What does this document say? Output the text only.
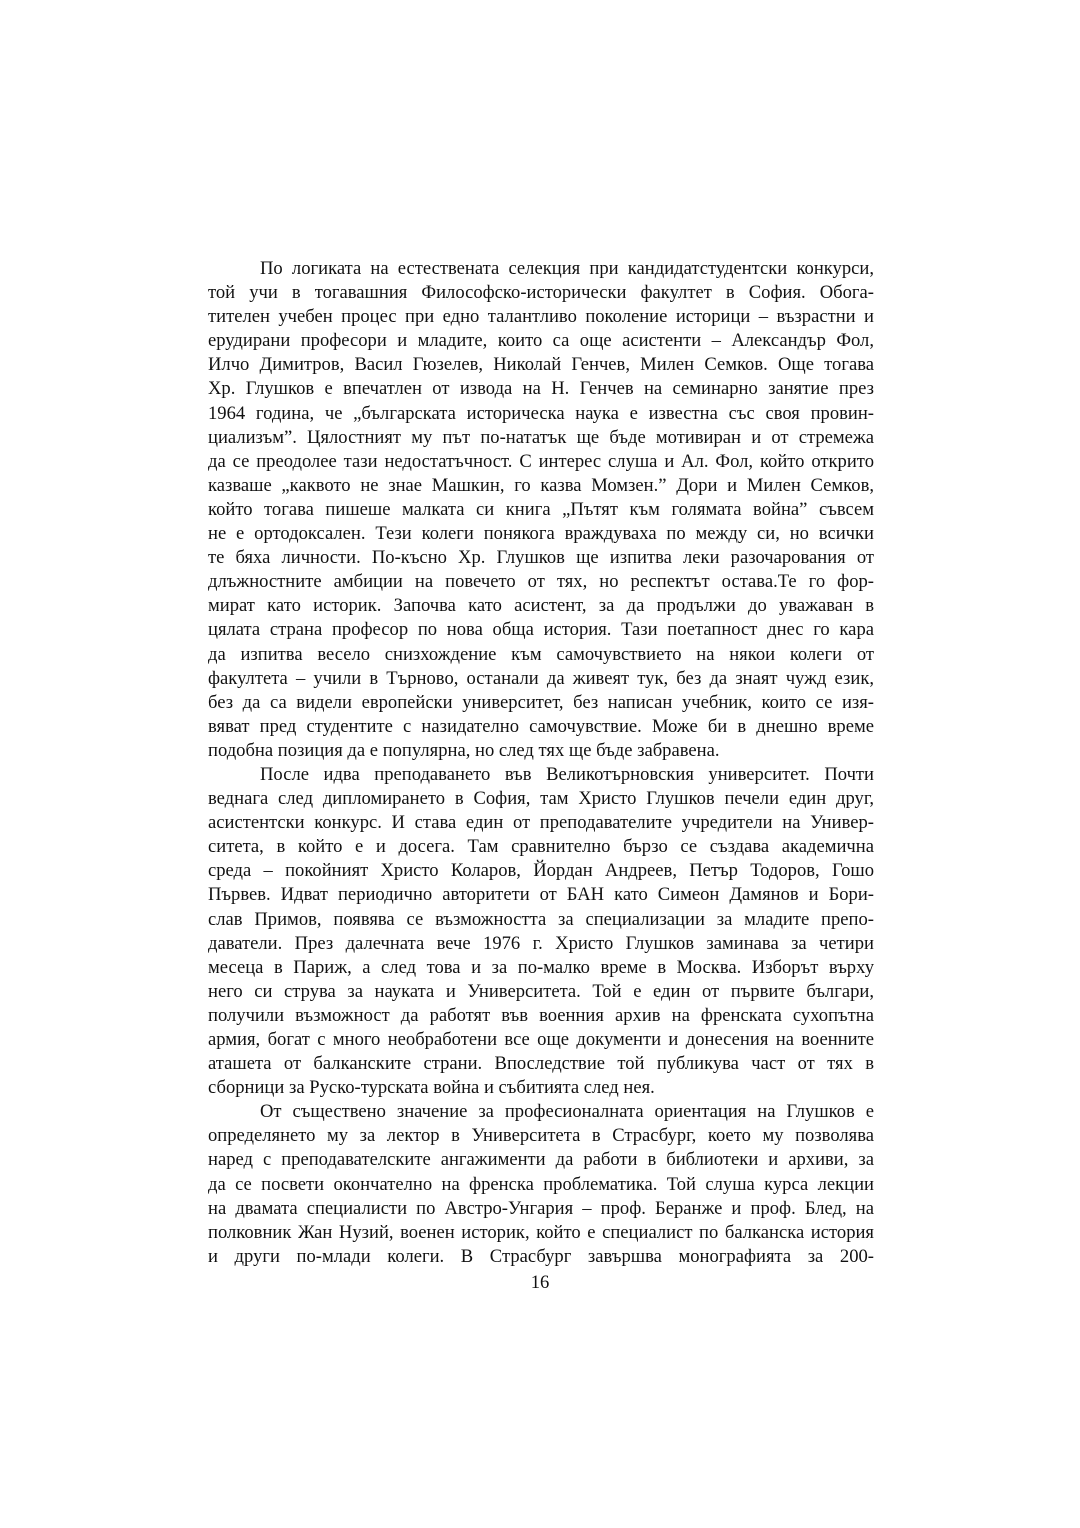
По логиката на естествената селекция при кандидатстудентски конкурси,
той учи в тогавашния Философско-исторически факултет в София. Обога-
тителен учебен процес при едно талантливо поколение историци – възрастни и
ерудирани професори и младите, които са още асистенти – Александър Фол,
Илчо Димитров, Васил Гюзелев, Николай Генчев, Милен Семков. Още тогава
Хр. Глушков е впечатлен от извода на Н. Генчев на семинарно занятие през
1964 година, че „българската историческа наука е известна със своя провин-
циализъм”. Цялостният му път по-нататък ще бъде мотивиран и от стремежа
да се преодолее тази недостатъчност. С интерес слуша и Ал. Фол, който открито
казваше „каквото не знае Машкин, го казва Момзен.” Дори и Милен Семков,
който тогава пишеше малката си книга „Пътят към голямата война” съвсем
не е ортодоксален. Тези колеги понякога враждуваха по между си, но всички
те бяха личности. По-късно Хр. Глушков ще изпитва леки разочарования от
длъжностните амбиции на повечето от тях, но респектът остава.Те го фор-
мират като историк. Започва като асистент, за да продължи до уважаван в
цялата страна професор по нова обща история. Тази поетапност днес го кара
да изпитва весело снизхождение към самочувствието на някои колеги от
факултета – учили в Търново, останали да живеят тук, без да знаят чужд език,
без да са видели европейски университет, без написан учебник, които се изя-
вяват пред студентите с назидателно самочувствие. Може би в днешно време
подобна позиция да е популярна, но след тях ще бъде забравена.
После идва преподаването във Великотърновския университет. Почти
веднага след дипломирането в София, там Христо Глушков печели един друг,
асистентски конкурс. И става един от преподавателите учредители на Универ-
ситета, в който е и досега. Там сравнително бързо се създава академична
среда – покойният Христо Коларов, Йордан Андреев, Петър Тодоров, Гошо
Първев. Идват периодично авторитети от БАН като Симеон Дамянов и Бори-
слав Примов, появява се възможността за специализации за младите препо-
даватели. През далечната вече 1976 г. Христо Глушков заминава за четири
месеца в Париж, а след това и за по-малко време в Москва. Изборът върху
него си струва за науката и Университета. Той е един от първите българи,
получили възможност да работят във военния архив на френската сухопътна
армия, богат с много необработени все още документи и донесения на военните
аташета от балканските страни. Впоследствие той публикува част от тях в
сборници за Руско-турската война и събитията след нея.
От съществено значение за професионалната ориентация на Глушков е
определянето му за лектор в Университета в Страсбург, което му позволява
наред с преподавателските ангажименти да работи в библиотеки и архиви, за
да се посвети окончателно на френска проблематика. Той слуша курса лекции
на двамата специалисти по Австро-Унгария – проф. Беранже и проф. Блед, на
полковник Жан Нузий, военен историк, който е специалист по балканска история
и други по-млади колеги. В Страсбург завършва монографията за 200-
16
